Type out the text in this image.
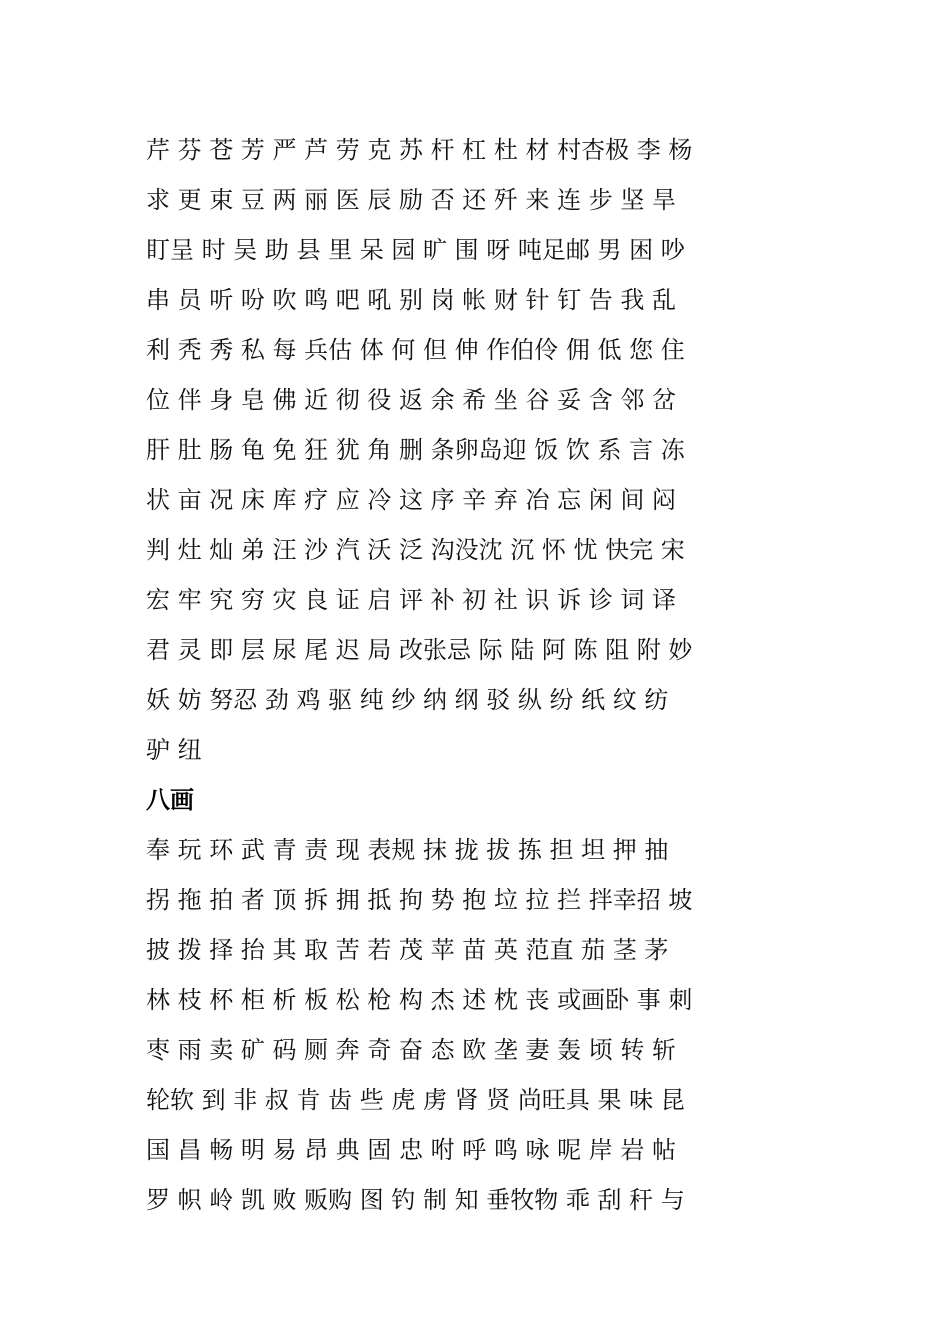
芹 芬 苍 芳 严 芦 劳 克 苏 杆 杠 杜 材 村杏极 李 杨
求 更 束 豆 两 丽 医 辰 励 否 还 歼 来 连 步 坚 旱
盯呈 时 吴 助 县 里 呆 园 旷 围 呀 吨足邮 男 困 吵
串 员 听 吩 吹 鸣 吧 吼 别 岗 帐 财 针 钉 告 我 乱
利 秃 秀 私 每 兵估 体 何 但 伸 作伯伶 佣 低 您 住
位 伴 身 皂 佛 近 彻 役 返 余 希 坐 谷 妥 含 邻 岔
肝 肚 肠 龟 免 狂 犹 角 删 条卵岛迎 饭 饮 系 言 冻
状 亩 况 床 库 疗 应 冷 这 序 辛 弃 冶 忘 闲 间 闷
判 灶 灿 弟 汪 沙 汽 沃 泛 沟没沈 沉 怀 忧 快完 宋
宏 牢 究 穷 灾 良 证 启 评 补 初 社 识 诉 诊 词 译
君 灵 即 层 尿 尾 迟 局 改张忌 际 陆 阿 陈 阻 附 妙
妖 妨 努忍 劲 鸡 驱 纯 纱 纳 纲 驳 纵 纷 纸 纹 纺
驴 纽
八画
奉 玩 环 武 青 责 现 表规 抹 拢 拔 拣 担 坦 押 抽
拐 拖 拍 者 顶 拆 拥 抵 拘 势 抱 垃 拉 拦 拌幸招 坡
披 拨 择 抬 其 取 苦 若 茂 苹 苗 英 范直 茄 茎 茅
林 枝 杯 柜 析 板 松 枪 构 杰 述 枕 丧 或画卧 事 刺
枣 雨 卖 矿 码 厕 奔 奇 奋 态 欧 垄 妻 轰 顷 转 斩
轮软 到 非 叔 肯 齿 些 虎 虏 肾 贤 尚旺具 果 味 昆
国 昌 畅 明 易 昂 典 固 忠 咐 呼 鸣 咏 呢 岸 岩 帖
罗 帜 岭 凯 败 贩购 图 钓 制 知 垂牧物 乖 刮 秆 与
